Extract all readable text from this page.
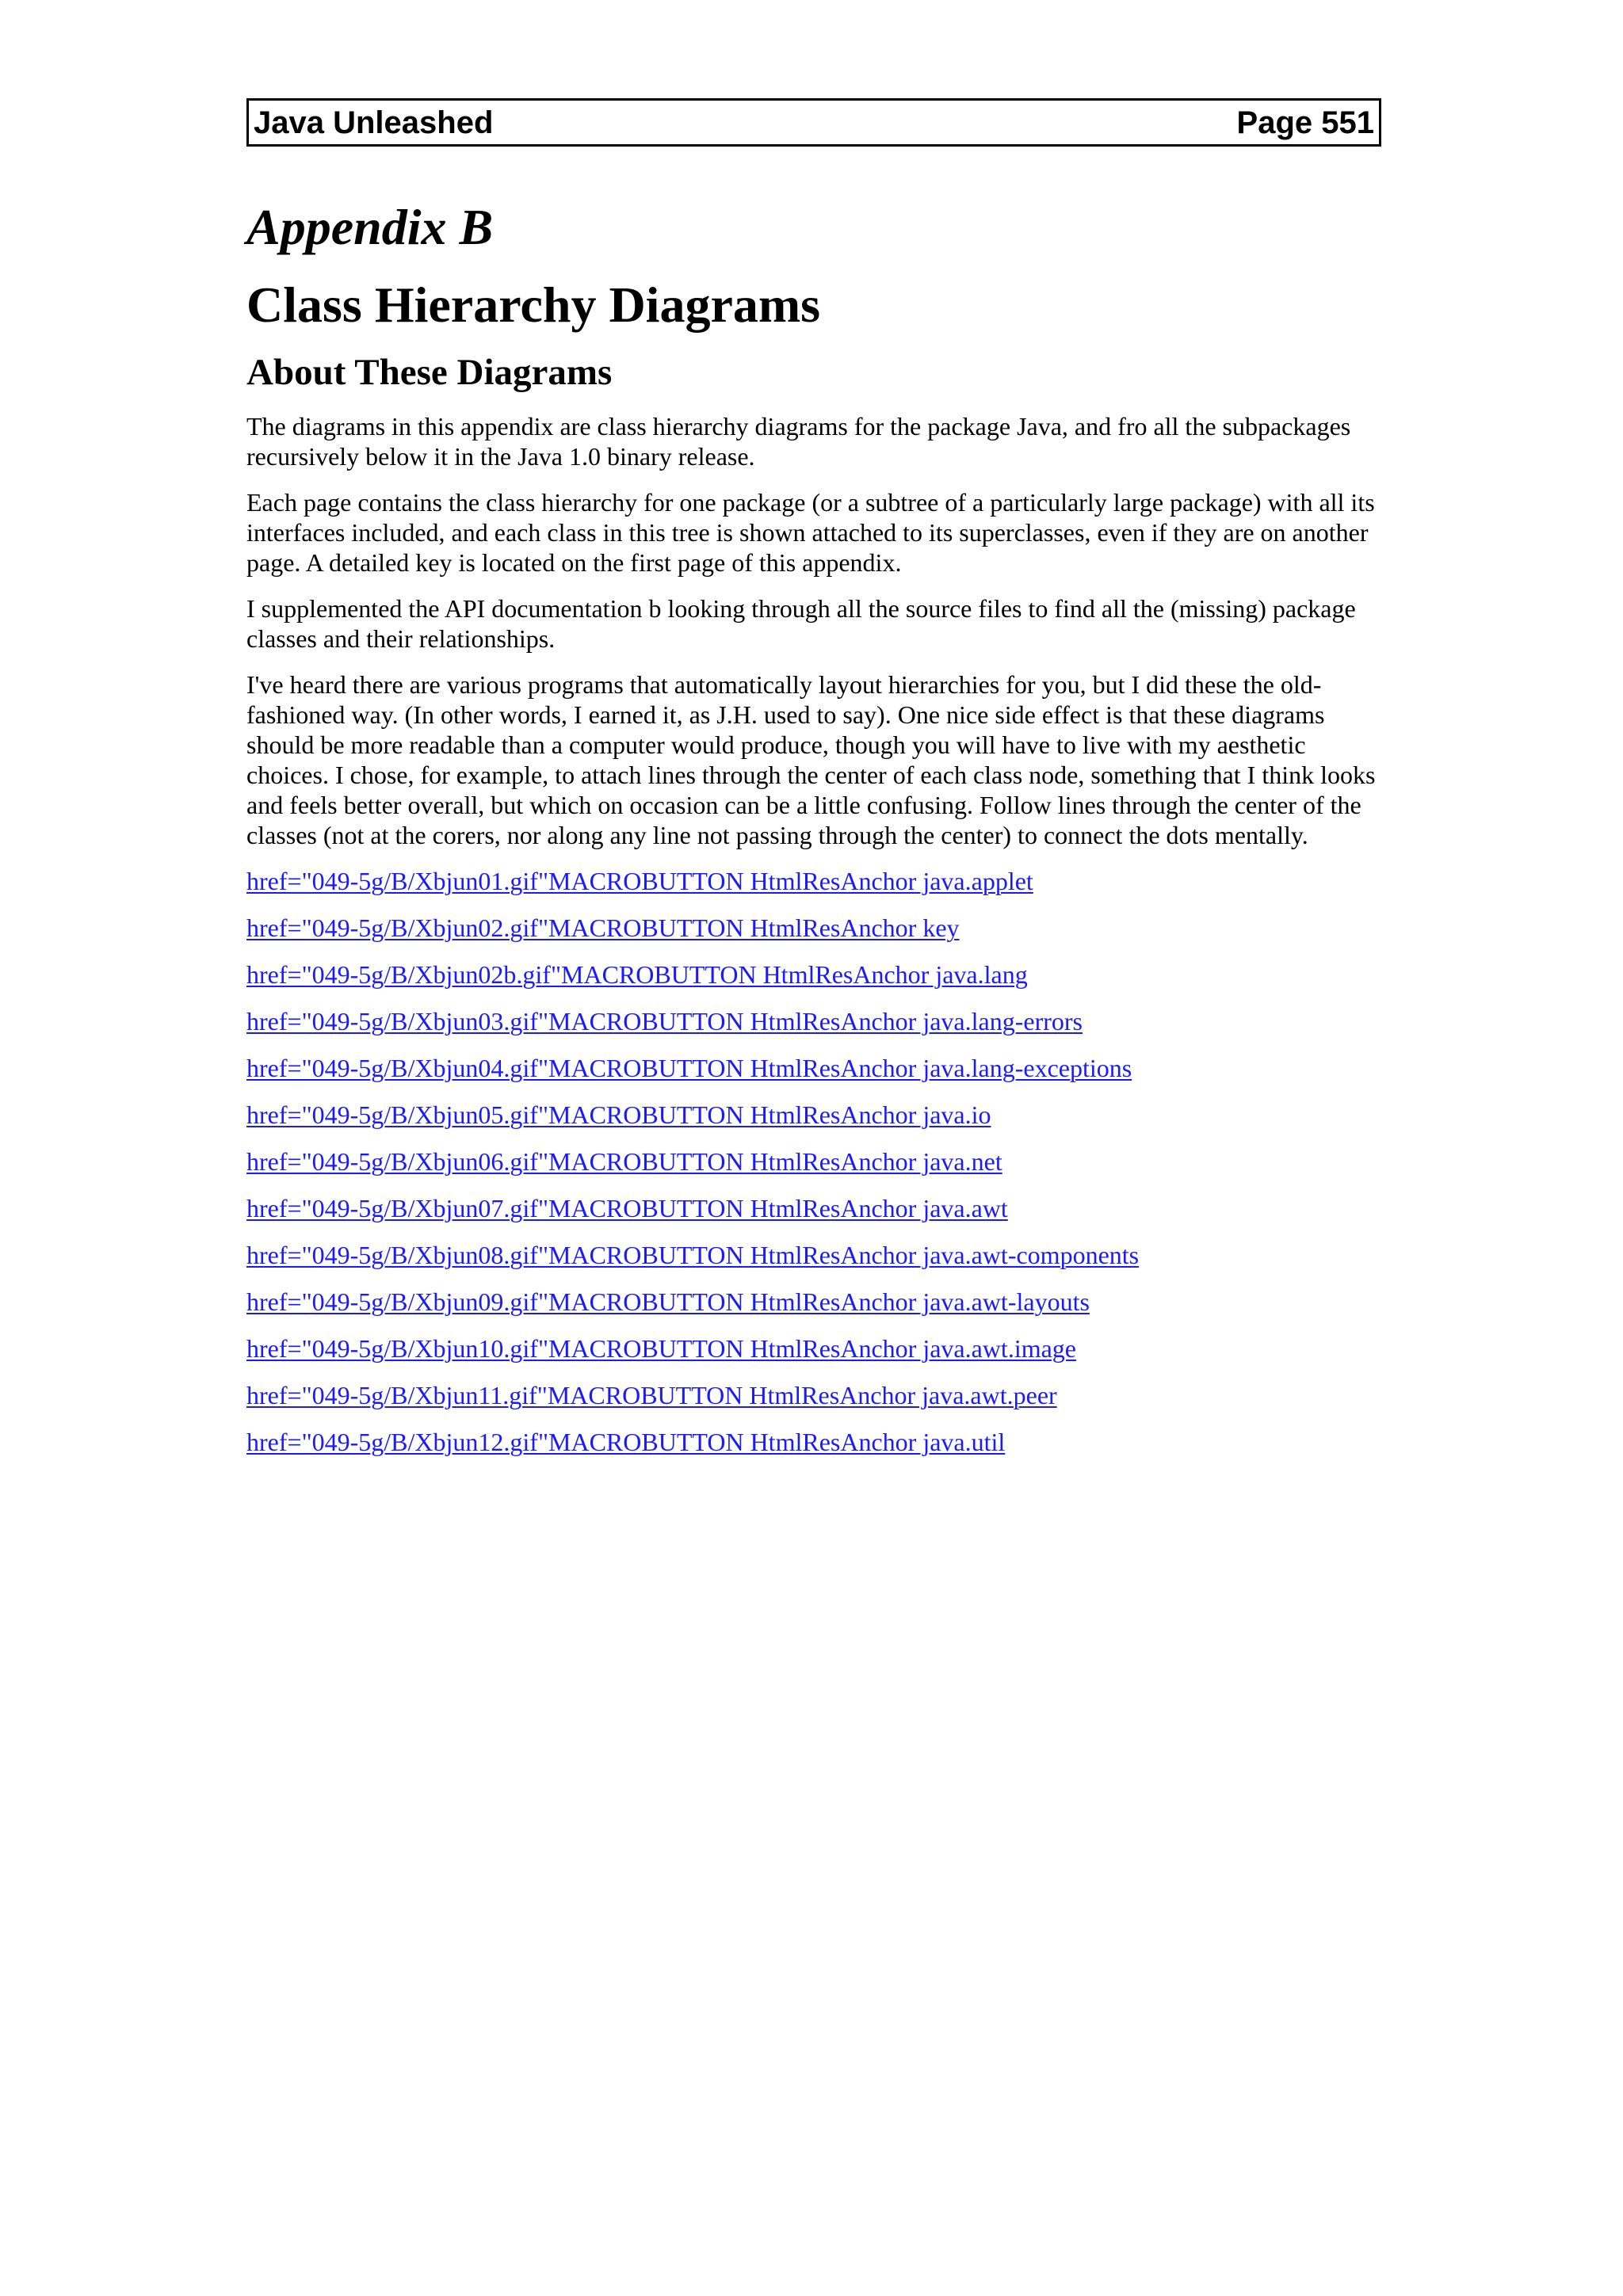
Java Unleashed	Page 551
Appendix B
Class Hierarchy Diagrams
About These Diagrams

The diagrams in this appendix are class hierarchy diagrams for the package Java, and fro all the subpackages recursively below it in the Java 1.0 binary release.

Each page contains the class hierarchy for one package (or a subtree of a particularly large package) with all its interfaces included, and each class in this tree is shown attached to its superclasses, even if they are on another page. A detailed key is located on the first page of this appendix.

I supplemented the API documentation b looking through all the source files to find all the (missing) package classes and their relationships.

I've heard there are various programs that automatically layout hierarchies for you, but I did these the old-fashioned way. (In other words, I earned it, as J.H. used to say). One nice side effect is that these diagrams should be more readable than a computer would produce, though you will have to live with my aesthetic choices. I chose, for example, to attach lines through the center of each class node, something that I think looks and feels better overall, but which on occasion can be a little confusing. Follow lines through the center of the classes (not at the corers, nor along any line not passing through the center) to connect the dots mentally.

href="049-5g/B/Xbjun01.gif"MACROBUTTON HtmlResAnchor java.applet
href="049-5g/B/Xbjun02.gif"MACROBUTTON HtmlResAnchor key
href="049-5g/B/Xbjun02b.gif"MACROBUTTON HtmlResAnchor java.lang
href="049-5g/B/Xbjun03.gif"MACROBUTTON HtmlResAnchor java.lang-errors
href="049-5g/B/Xbjun04.gif"MACROBUTTON HtmlResAnchor java.lang-exceptions
href="049-5g/B/Xbjun05.gif"MACROBUTTON HtmlResAnchor java.io
href="049-5g/B/Xbjun06.gif"MACROBUTTON HtmlResAnchor java.net
href="049-5g/B/Xbjun07.gif"MACROBUTTON HtmlResAnchor java.awt
href="049-5g/B/Xbjun08.gif"MACROBUTTON HtmlResAnchor java.awt-components
href="049-5g/B/Xbjun09.gif"MACROBUTTON HtmlResAnchor java.awt-layouts
href="049-5g/B/Xbjun10.gif"MACROBUTTON HtmlResAnchor java.awt.image
href="049-5g/B/Xbjun11.gif"MACROBUTTON HtmlResAnchor java.awt.peer
href="049-5g/B/Xbjun12.gif"MACROBUTTON HtmlResAnchor java.util
